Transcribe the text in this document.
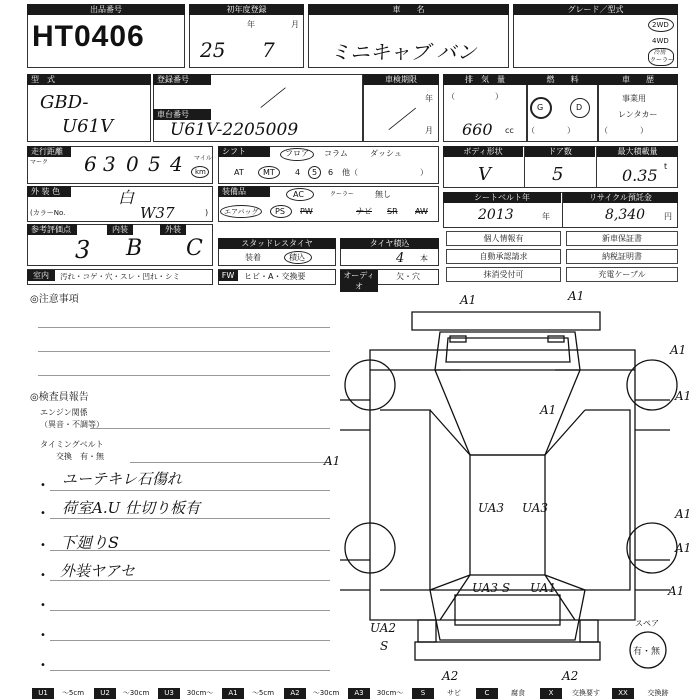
出品番号
HT0406
初年度登録
年	月
25 7
車　　名
ミニキャブ バン
グレード／型式
2WD
4WD
冷房
クーラー
型　式
GBD-
U61V
登録番号
／
車台番号
U61V-2205009
車検期限
年
月
／
排　気　量
（　　　　　）
660 cc
燃　　料
G	D
（　　　　）
車　　歴
事業用
レンタカー
（　　　　）
走行距離
マーク 6 3 0 5 4 マイル
km
シフト	フロア コラム	ダッシュ
AT MT	4 5 6 他（	）
ボディ形状	ドア数	最大積載量
V	5	0.35 t
外 装 色	白
(カラーNo.	W37	)
装備品	AC	クーラー	無し
エアバッグ PS PW	ナビ SR AW
シートベルト年	リサイクル預託金
2013	年	8,340 円
参考評価点	内装	外装
3 B C	スタッドレスタイヤ
装着	積込
タイヤ積込
4 本
個人情報有	新車保証書
自動承認請求	納税証明書
抹消受付可	充電ケーブル
室内	汚れ・コゲ・穴・スレ・凹れ・シミ	FW	ヒビ・A・交換要	オーディオ
欠・穴
◎注意事項
◎検査員報告
エンジン関係
（異音・不調等）
タイミングベルト
交換　有・無
• ユーテキレ石傷れ
• 荷室A.U 仕切り板有
• 下廻りS
• 外装ヤアセ
•
•
•
A1	A1
A1
A1
A1
A1
A1
A1
A1
UA3 UA3
UA3 S UA1
UA2
S
A2	A2
スペア
有・無
U1	～5cm	U2	～30cm	U3	30cm～	A1	～5cm	A2	～30cm	A3	30cm～	S	サビ	C	腐食	X	交換要す	XX	交換跡
